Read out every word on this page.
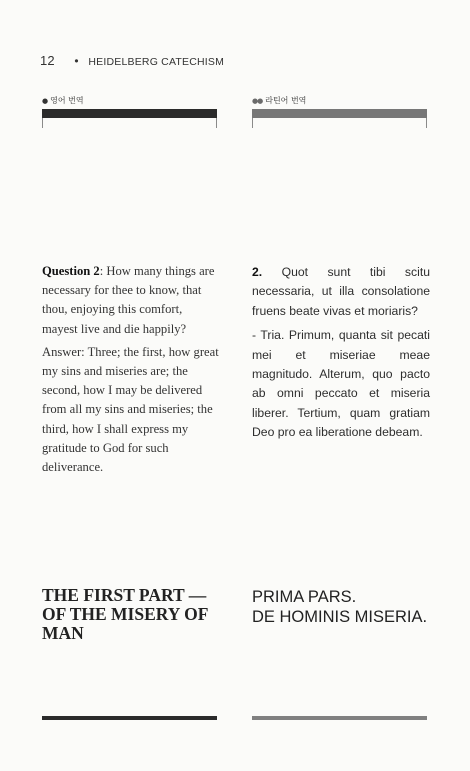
12 • HEIDELBERG CATECHISM
● 영어 번역	●● 라틴어 번역

Question 2: How many things are necessary for thee to know, that thou, enjoying this comfort, mayest live and die happily?

Answer: Three; the first, how great my sins and miseries are; the second, how I may be delivered from all my sins and miseries; the third, how I shall express my gratitude to God for such deliverance.

2. Quot sunt tibi scitu necessaria, ut illa consolatione fruens beate vivas et moriaris?

- Tria. Primum, quanta sit pecati mei et miseriae meae magnitudo. Alterum, quo pacto ab omni peccato et miseria liberer. Tertium, quam gratiam Deo pro ea liberatione debeam.

THE FIRST PART — OF THE MISERY OF MAN
PRIMA PARS.
DE HOMINIS MISERIA.
